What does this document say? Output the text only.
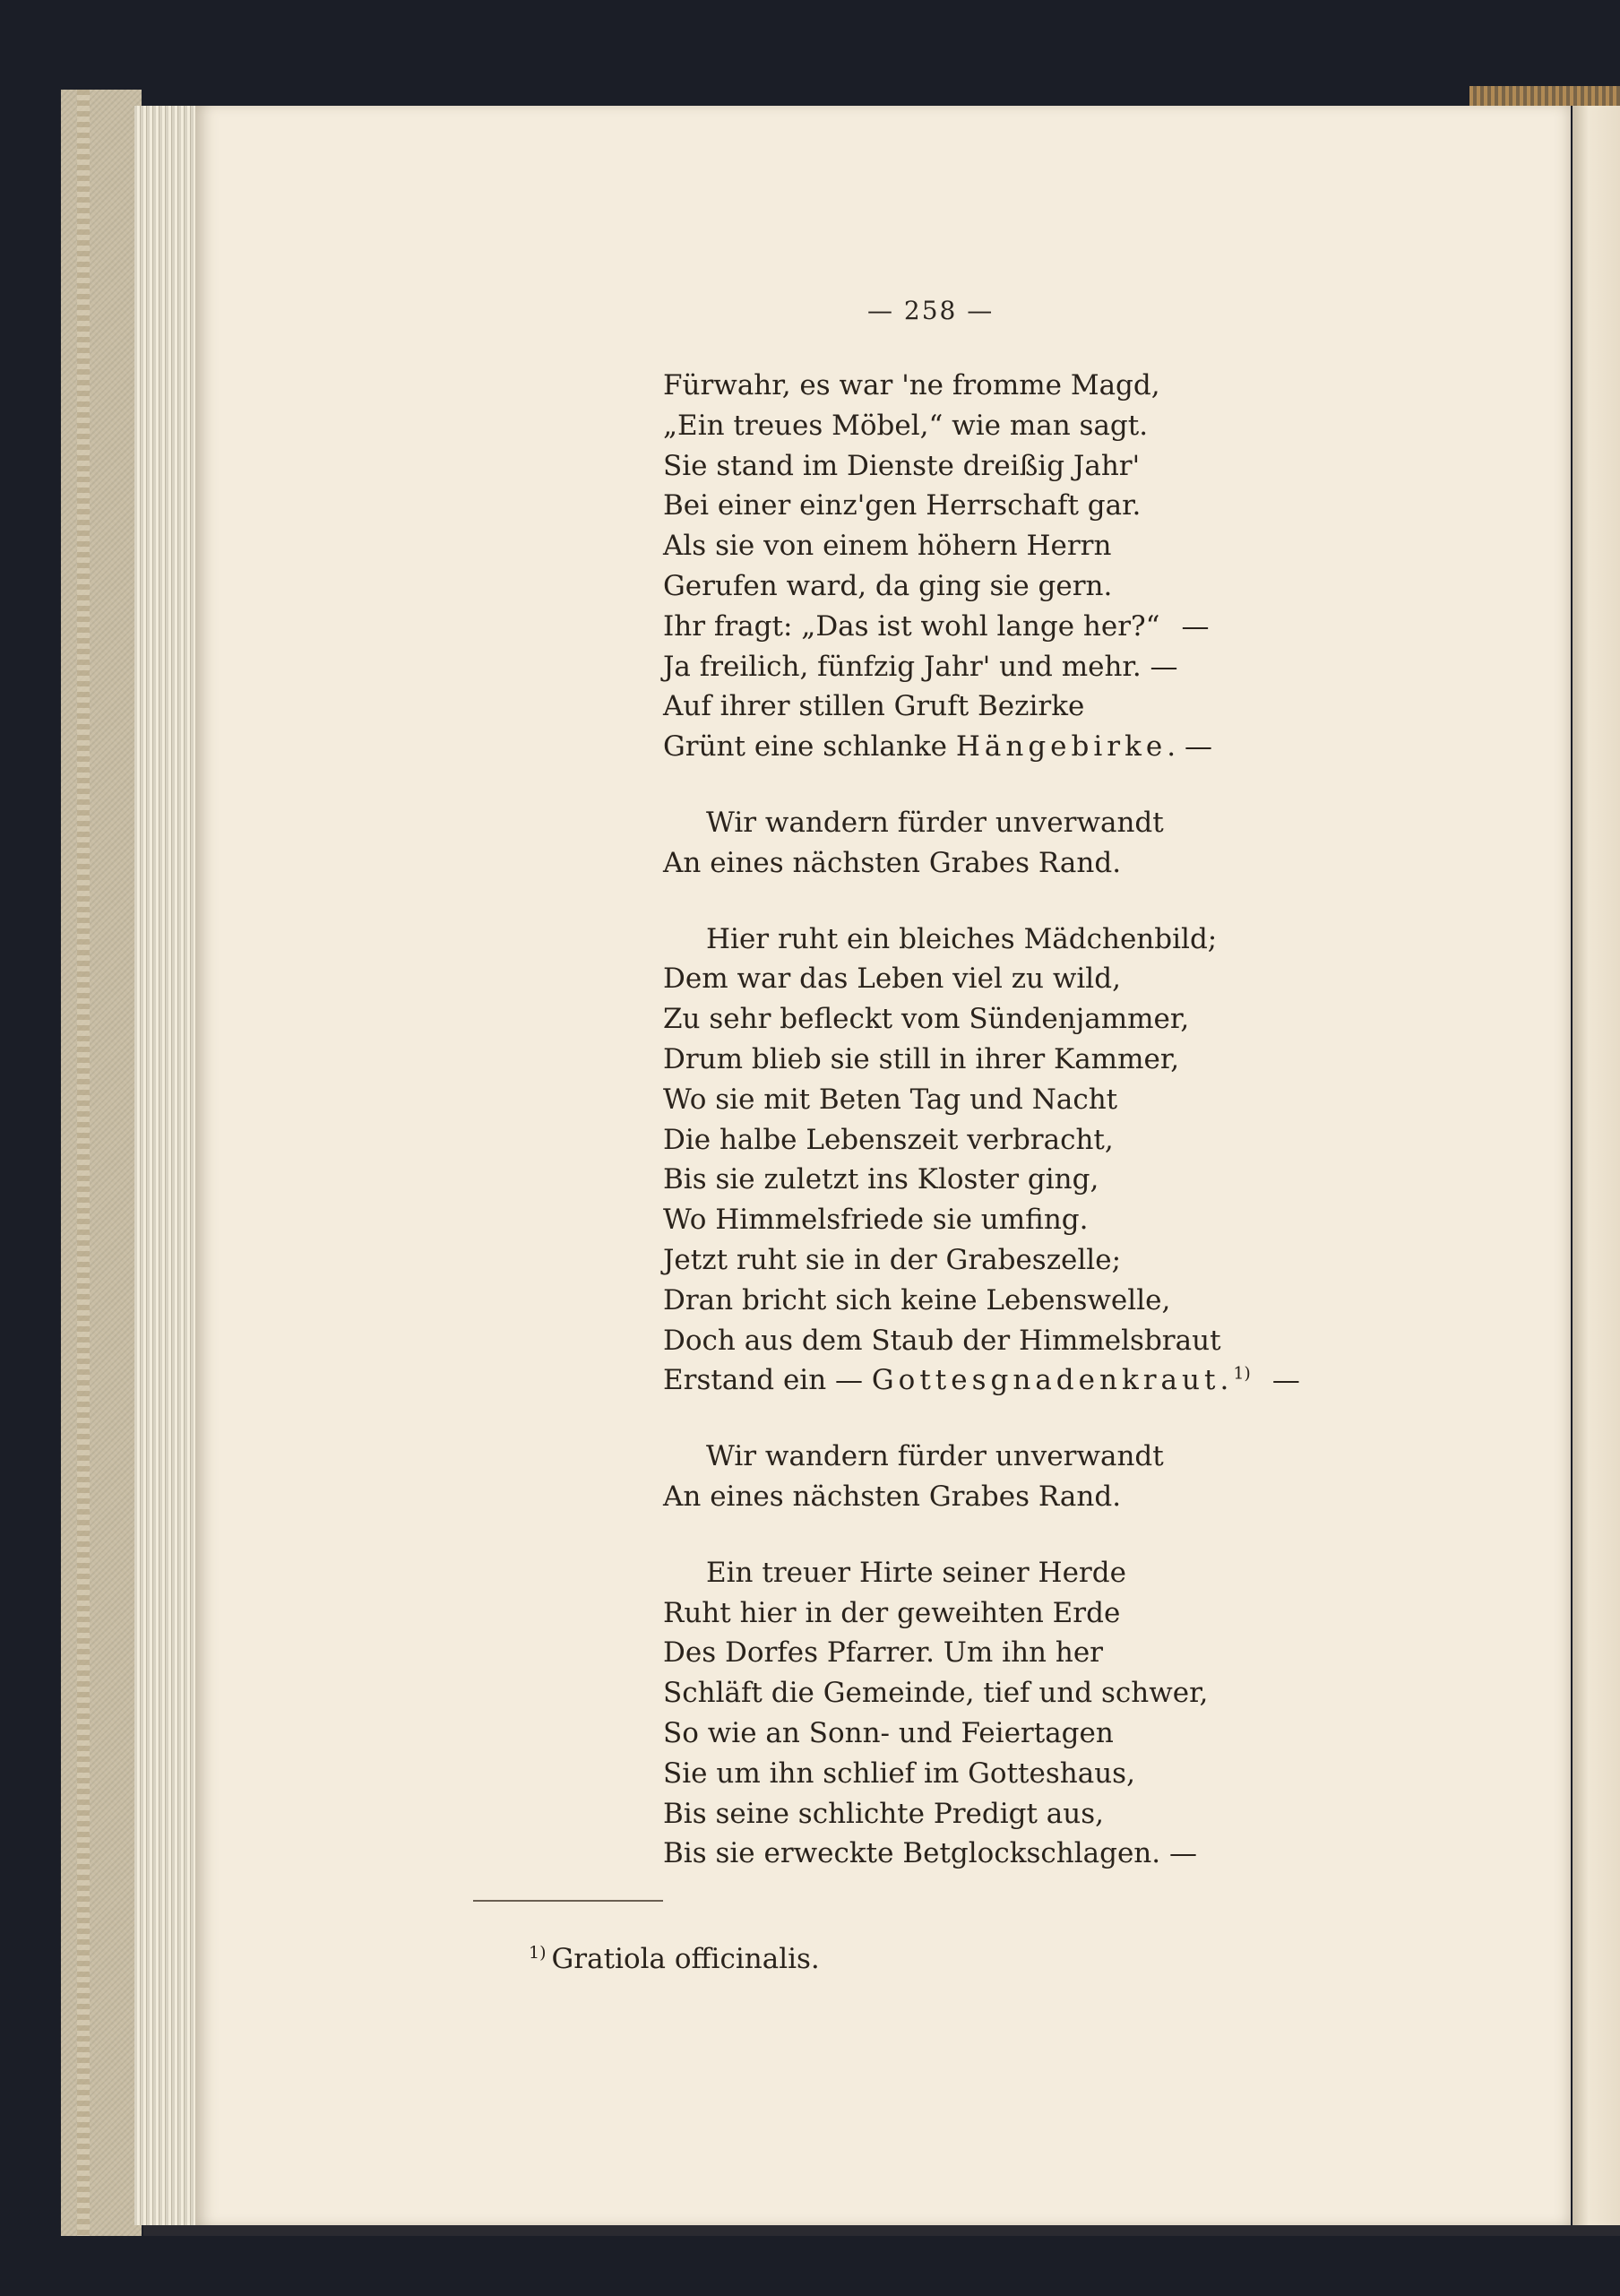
— 258 —
Fürwahr, es war 'ne fromme Magd,
„Ein treues Möbel,“ wie man sagt.
Sie stand im Dienste dreißig Jahr'
Bei einer einz'gen Herrschaft gar.
Als sie von einem höhern Herrn
Gerufen ward, da ging sie gern.
Ihr fragt: „Das ist wohl lange her?“ —
Ja freilich, fünfzig Jahr' und mehr. —
Auf ihrer stillen Gruft Bezirke
Grünt eine schlanke Hängebirke. —
Wir wandern fürder unverwandt
An eines nächsten Grabes Rand.
Hier ruht ein bleiches Mädchenbild;
Dem war das Leben viel zu wild,
Zu sehr befleckt vom Sündenjammer,
Drum blieb sie still in ihrer Kammer,
Wo sie mit Beten Tag und Nacht
Die halbe Lebenszeit verbracht,
Bis sie zuletzt ins Kloster ging,
Wo Himmelsfriede sie umfing.
Jetzt ruht sie in der Grabeszelle;
Dran bricht sich keine Lebenswelle,
Doch aus dem Staub der Himmelsbraut
Erstand ein — Gottesgnadenkraut.$^{1)}$ —
Wir wandern fürder unverwandt
An eines nächsten Grabes Rand.
Ein treuer Hirte seiner Herde
Ruht hier in der geweihten Erde
Des Dorfes Pfarrer. Um ihn her
Schläft die Gemeinde, tief und schwer,
So wie an Sonn- und Feiertagen
Sie um ihn schlief im Gotteshaus,
Bis seine schlichte Predigt aus,
Bis sie erweckte Betglockschlagen. —
$^{1)}$ Gratiola officinalis.
